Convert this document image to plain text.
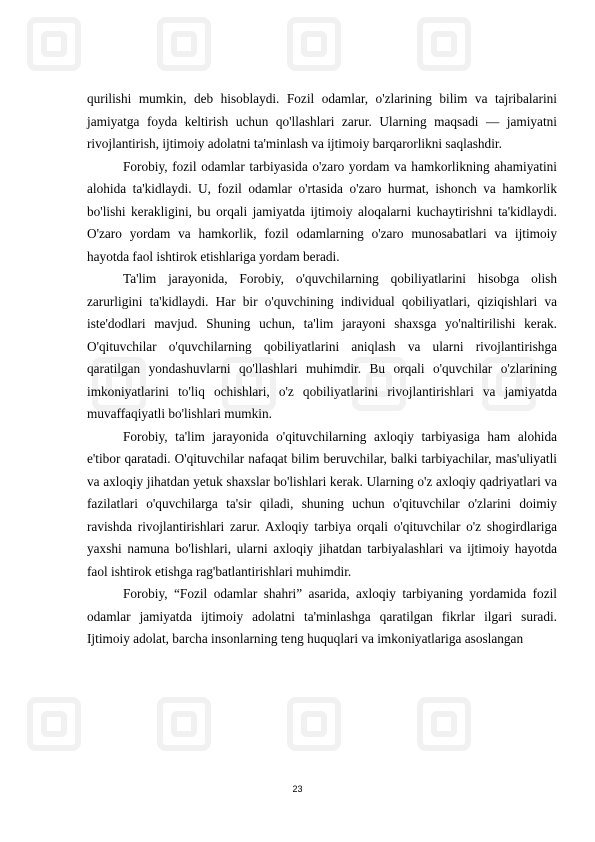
qurilishi mumkin, deb hisoblaydi. Fozil odamlar, o'zlarining bilim va tajribalarini jamiyatga foyda keltirish uchun qo'llashlari zarur. Ularning maqsadi — jamiyatni rivojlantirish, ijtimoiy adolatni ta'minlash va ijtimoiy barqarorlikni saqlashdir.

Forobiy, fozil odamlar tarbiyasida o'zaro yordam va hamkorlikning ahamiyatini alohida ta'kidlaydi. U, fozil odamlar o'rtasida o'zaro hurmat, ishonch va hamkorlik bo'lishi kerakligini, bu orqali jamiyatda ijtimoiy aloqalarni kuchaytirishni ta'kidlaydi. O'zaro yordam va hamkorlik, fozil odamlarning o'zaro munosabatlari va ijtimoiy hayotda faol ishtirok etishlariga yordam beradi.

Ta'lim jarayonida, Forobiy, o'quvchilarning qobiliyatlarini hisobga olish zarurligini ta'kidlaydi. Har bir o'quvchining individual qobiliyatlari, qiziqishlari va iste'dodlari mavjud. Shuning uchun, ta'lim jarayoni shaxsga yo'naltirilishi kerak. O'qituvchilar o'quvchilarning qobiliyatlarini aniqlash va ularni rivojlantirishga qaratilgan yondashuvlarni qo'llashlari muhimdir. Bu orqali o'quvchilar o'zlarining imkoniyatlarini to'liq ochishlari, o'z qobiliyatlarini rivojlantirishlari va jamiyatda muvaffaqiyatli bo'lishlari mumkin.

Forobiy, ta'lim jarayonida o'qituvchilarning axloqiy tarbiyasiga ham alohida e'tibor qaratadi. O'qituvchilar nafaqat bilim beruvchilar, balki tarbiyachilar, mas'uliyatli va axloqiy jihatdan yetuk shaxslar bo'lishlari kerak. Ularning o'z axloqiy qadriyatlari va fazilatlari o'quvchilarga ta'sir qiladi, shuning uchun o'qituvchilar o'zlarini doimiy ravishda rivojlantirishlari zarur. Axloqiy tarbiya orqali o'qituvchilar o'z shogirdlariga yaxshi namuna bo'lishlari, ularni axloqiy jihatdan tarbiyalashlari va ijtimoiy hayotda faol ishtirok etishga rag'batlantirishlari muhimdir.

Forobiy, “Fozil odamlar shahri” asarida, axloqiy tarbiyaning yordamida fozil odamlar jamiyatda ijtimoiy adolatni ta'minlashga qaratilgan fikrlar ilgari suradi. Ijtimoiy adolat, barcha insonlarning teng huquqlari va imkoniyatlariga asoslangan

23
